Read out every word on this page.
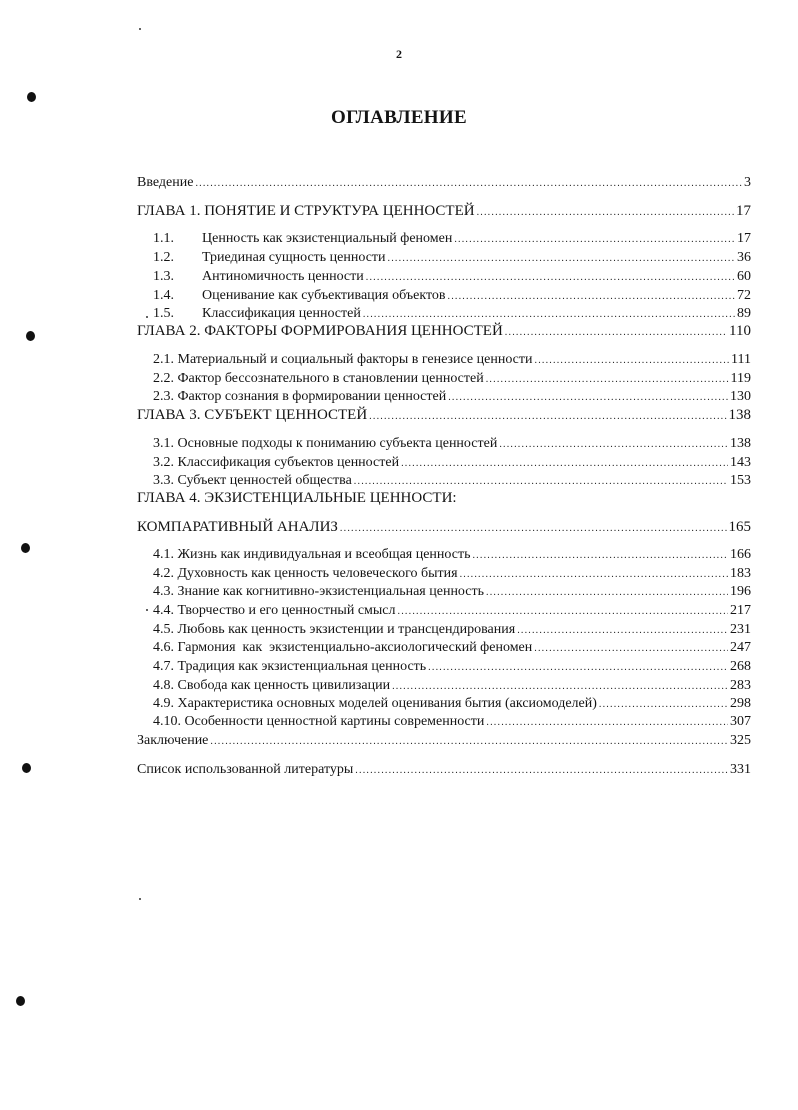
2
ОГЛАВЛЕНИЕ
Введение .....	3
ГЛАВА 1. ПОНЯТИЕ И СТРУКТУРА ЦЕННОСТЕЙ .....	17
1.1.	Ценность как экзистенциальный феномен .....	17
1.2.	Триединая сущность ценности .....	36
1.3.	Антиномичность ценности .....	60
1.4.	Оценивание как субъективация объектов .....	72
1.5.	Классификация ценностей .....	89
ГЛАВА 2. ФАКТОРЫ ФОРМИРОВАНИЯ ЦЕННОСТЕЙ .....	110
2.1. Материальный и социальный факторы в генезисе ценности .....	111
2.2. Фактор бессознательного в становлении ценностей .....	119
2.3. Фактор сознания в формировании ценностей .....	130
ГЛАВА 3. СУБЪЕКТ ЦЕННОСТЕЙ .....	138
3.1. Основные подходы к пониманию субъекта ценностей .....	138
3.2. Классификация субъектов ценностей .....	143
3.3. Субъект ценностей общества .....	153
ГЛАВА 4. ЭКЗИСТЕНЦИАЛЬНЫЕ ЦЕННОСТИ:
КОМПАРАТИВНЫЙ АНАЛИЗ .....	165
4.1. Жизнь как индивидуальная и всеобщая ценность .....	166
4.2. Духовность как ценность человеческого бытия .....	183
4.3. Знание как когнитивно-экзистенциальная ценность .....	196
4.4. Творчество и его ценностный смысл .....	217
4.5. Любовь как ценность экзистенции и трансцендирования .....	231
4.6. Гармония  как  экзистенциально-аксиологический феномен .....	247
4.7. Традиция как экзистенциальная ценность .....	268
4.8. Свобода как ценность цивилизации .....	283
4.9. Характеристика основных моделей оценивания бытия (аксиомоделей) .....	298
4.10. Особенности ценностной картины современности .....	307
Заключение .....	325
Список использованной литературы .....	331
